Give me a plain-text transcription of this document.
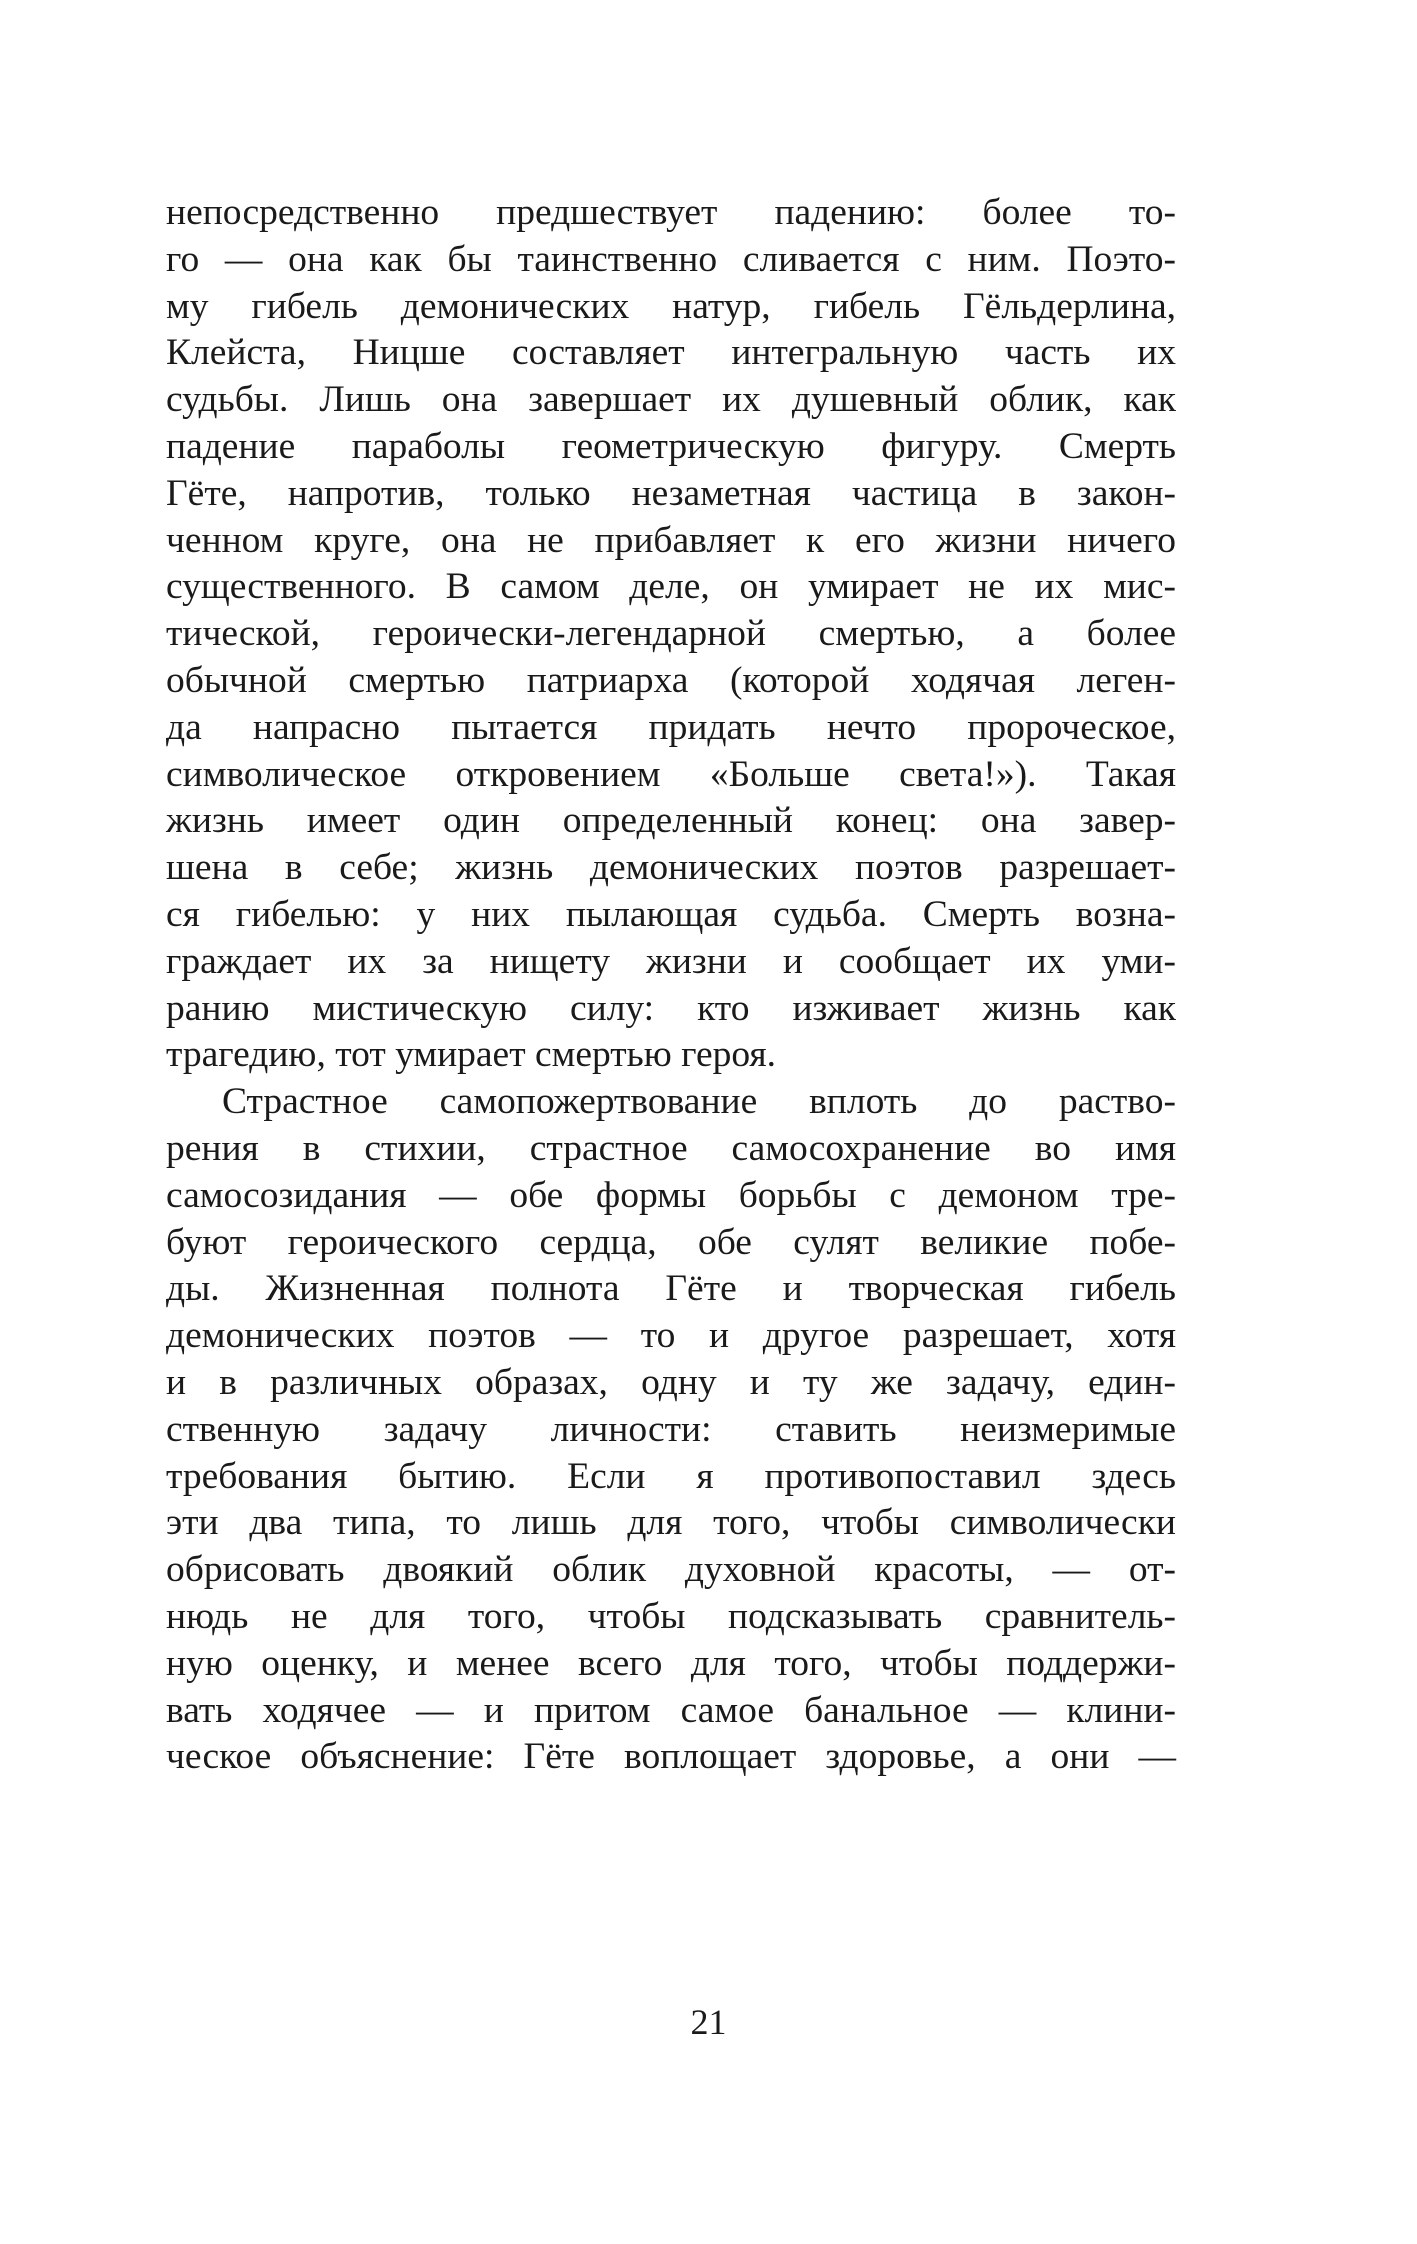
непосредственно предшествует падению: более то-
го — она как бы таинственно сливается с ним. Поэто-
му гибель демонических натур, гибель Гёльдерлина,
Клейста, Ницше составляет интегральную часть их
судьбы. Лишь она завершает их душевный облик, как
падение параболы геометрическую фигуру. Смерть
Гёте, напротив, только незаметная частица в закон-
ченном круге, она не прибавляет к его жизни ничего
существенного. В самом деле, он умирает не их мис-
тической, героически-легендарной смертью, а более
обычной смертью патриарха (которой ходячая леген-
да напрасно пытается придать нечто пророческое,
символическое откровением «Больше света!»). Такая
жизнь имеет один определенный конец: она завер-
шена в себе; жизнь демонических поэтов разрешает-
ся гибелью: у них пылающая судьба. Смерть возна-
граждает их за нищету жизни и сообщает их уми-
ранию мистическую силу: кто изживает жизнь как
трагедию, тот умирает смертью героя.
Страстное самопожертвование вплоть до раство-
рения в стихии, страстное самосохранение во имя
самосозидания — обе формы борьбы с демоном тре-
буют героического сердца, обе сулят великие побе-
ды. Жизненная полнота Гёте и творческая гибель
демонических поэтов — то и другое разрешает, хотя
и в различных образах, одну и ту же задачу, един-
ственную задачу личности: ставить неизмеримые
требования бытию. Если я противопоставил здесь
эти два типа, то лишь для того, чтобы символически
обрисовать двоякий облик духовной красоты, — от-
нюдь не для того, чтобы подсказывать сравнитель-
ную оценку, и менее всего для того, чтобы поддержи-
вать ходячее — и притом самое банальное — клини-
ческое объяснение: Гёте воплощает здоровье, а они —
21
